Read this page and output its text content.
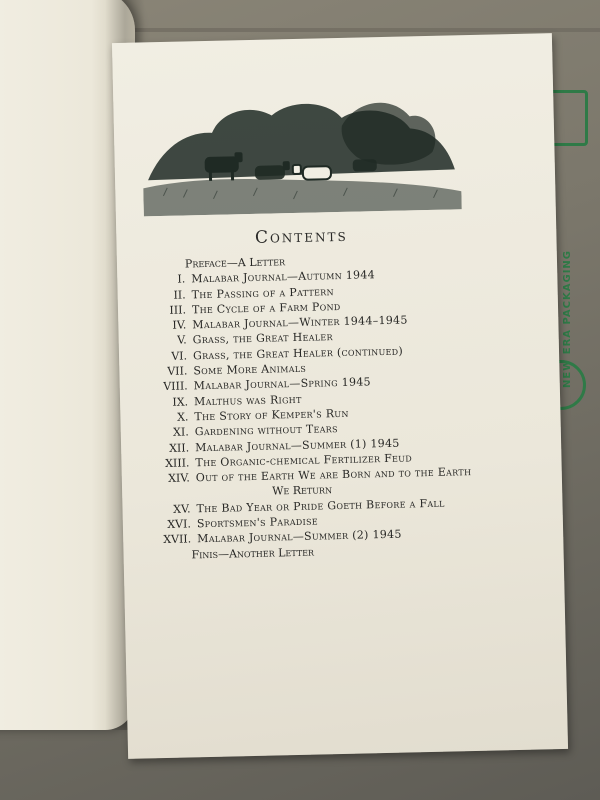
NEW ERA PACKAGING
Contents
Preface—A Letter
I. Malabar Journal—Autumn 1944
II. The Passing of a Pattern
III. The Cycle of a Farm Pond
IV. Malabar Journal—Winter 1944–1945
V. Grass, the Great Healer
VI. Grass, the Great Healer (continued)
VII. Some More Animals
VIII. Malabar Journal—Spring 1945
IX. Malthus was Right
X. The Story of Kemper's Run
XI. Gardening without Tears
XII. Malabar Journal—Summer (1) 1945
XIII. The Organic-chemical Fertilizer Feud
XIV. Out of the Earth We are Born and to the Earth
We Return
XV. The Bad Year or Pride Goeth Before a Fall
XVI. Sportsmen's Paradise
XVII. Malabar Journal—Summer (2) 1945
Finis—Another Letter
